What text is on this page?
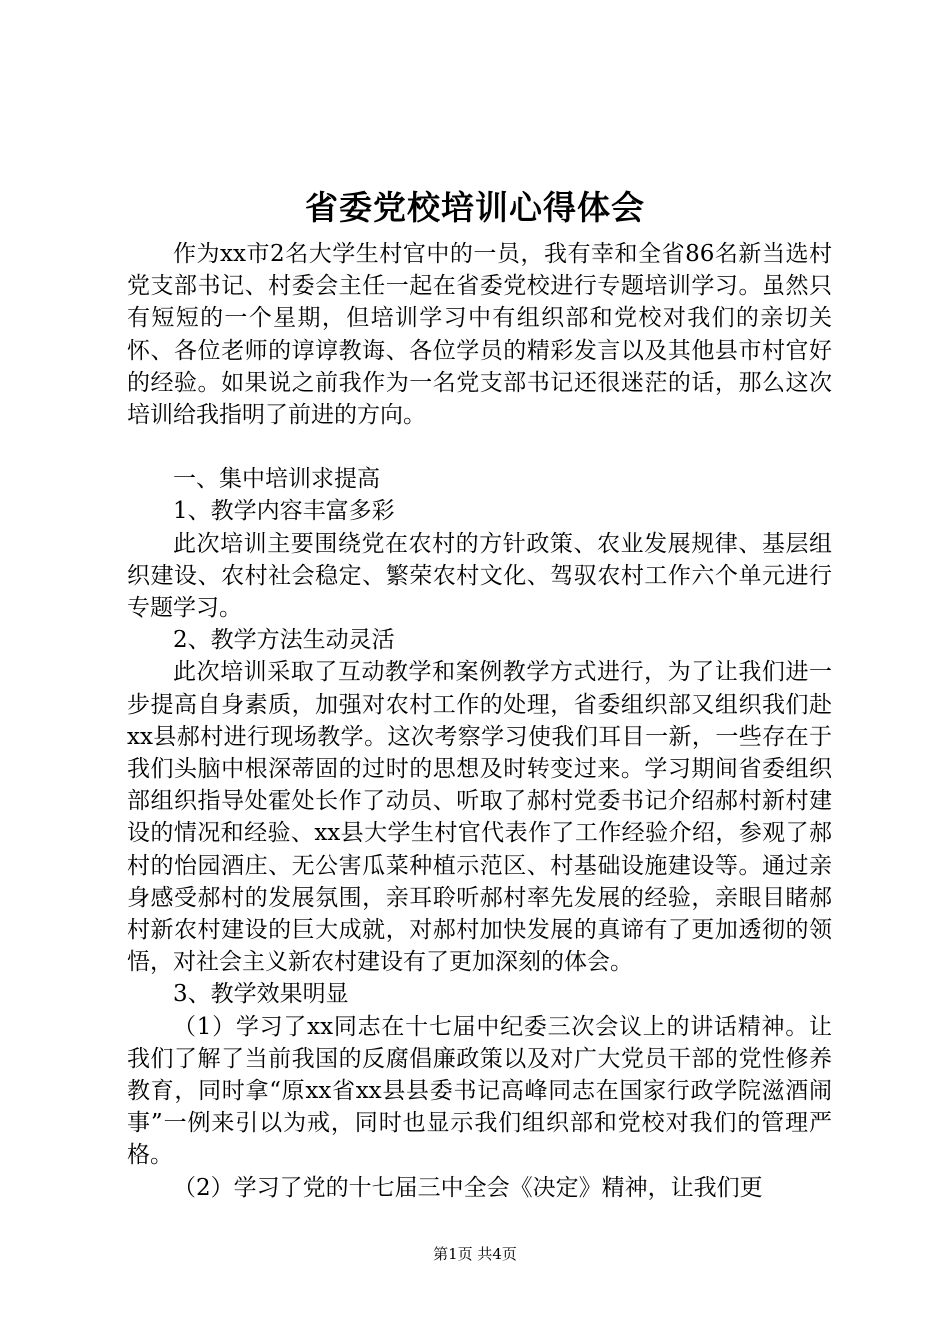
省委党校培训心得体会

作为xx市2名大学生村官中的一员，我有幸和全省86名新当选村党支部书记、村委会主任一起在省委党校进行专题培训学习。虽然只有短短的一个星期，但培训学习中有组织部和党校对我们的亲切关怀、各位老师的谆谆教诲、各位学员的精彩发言以及其他县市村官好的经验。如果说之前我作为一名党支部书记还很迷茫的话，那么这次培训给我指明了前进的方向。

一、集中培训求提高

1、教学内容丰富多彩

此次培训主要围绕党在农村的方针政策、农业发展规律、基层组织建设、农村社会稳定、繁荣农村文化、驾驭农村工作六个单元进行专题学习。

2、教学方法生动灵活

此次培训采取了互动教学和案例教学方式进行，为了让我们进一步提高自身素质，加强对农村工作的处理，省委组织部又组织我们赴xx县郝村进行现场教学。这次考察学习使我们耳目一新，一些存在于我们头脑中根深蒂固的过时的思想及时转变过来。学习期间省委组织部组织指导处霍处长作了动员、听取了郝村党委书记介绍郝村新村建设的情况和经验、xx县大学生村官代表作了工作经验介绍，参观了郝村的怡园酒庄、无公害瓜菜种植示范区、村基础设施建设等。通过亲身感受郝村的发展氛围，亲耳聆听郝村率先发展的经验，亲眼目睹郝村新农村建设的巨大成就，对郝村加快发展的真谛有了更加透彻的领悟，对社会主义新农村建设有了更加深刻的体会。

3、教学效果明显

（1）学习了xx同志在十七届中纪委三次会议上的讲话精神。让我们了解了当前我国的反腐倡廉政策以及对广大党员干部的党性修养教育，同时拿“原xx省xx县县委书记高峰同志在国家行政学院滋酒闹事”一例来引以为戒，同时也显示我们组织部和党校对我们的管理严格。

（2）学习了党的十七届三中全会《决定》精神，让我们更

第1页 共4页
